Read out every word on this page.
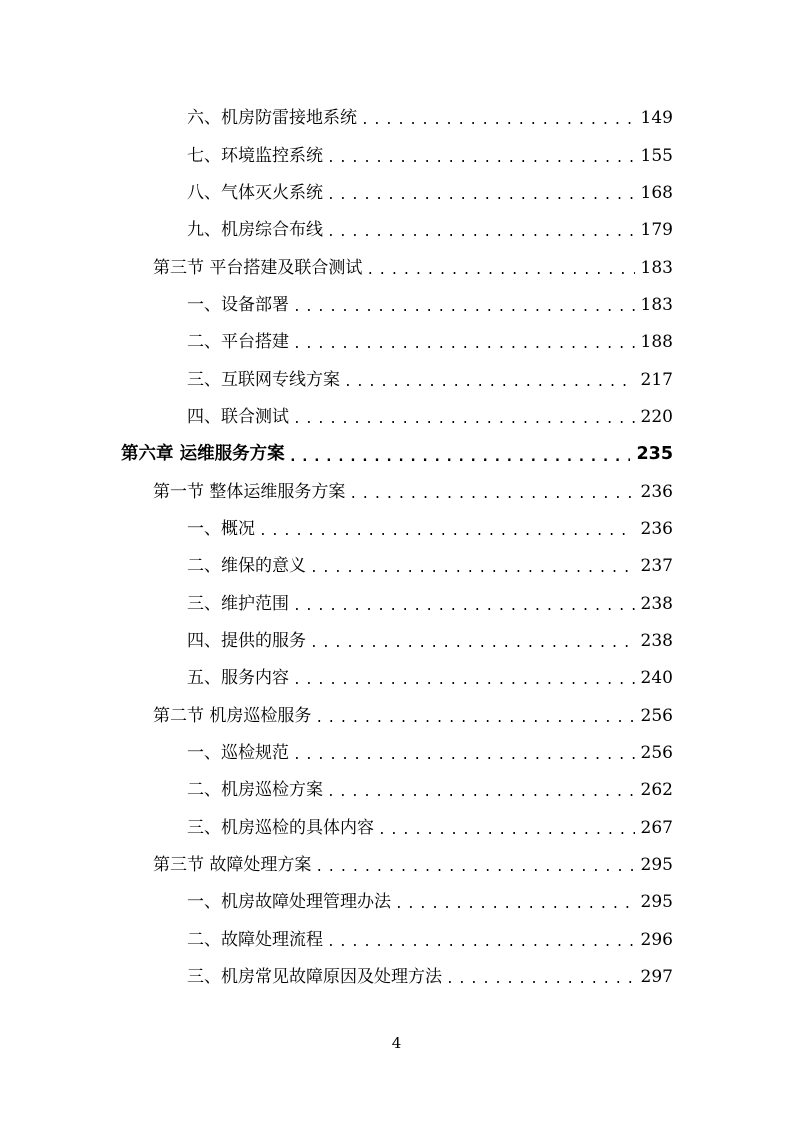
六、机房防雷接地系统 .....	149
七、环境监控系统 .....	155
八、气体灭火系统 .....	168
九、机房综合布线 .....	179
第三节 平台搭建及联合测试 .....	183
一、设备部署 .....	183
二、平台搭建 .....	188
三、互联网专线方案 .....	217
四、联合测试 .....	220
第六章 运维服务方案 .....	235
第一节 整体运维服务方案 .....	236
一、概况 .....	236
二、维保的意义 .....	237
三、维护范围 .....	238
四、提供的服务 .....	238
五、服务内容 .....	240
第二节 机房巡检服务 .....	256
一、巡检规范 .....	256
二、机房巡检方案 .....	262
三、机房巡检的具体内容 .....	267
第三节 故障处理方案 .....	295
一、机房故障处理管理办法 .....	295
二、故障处理流程 .....	296
三、机房常见故障原因及处理方法 .....	297
4
